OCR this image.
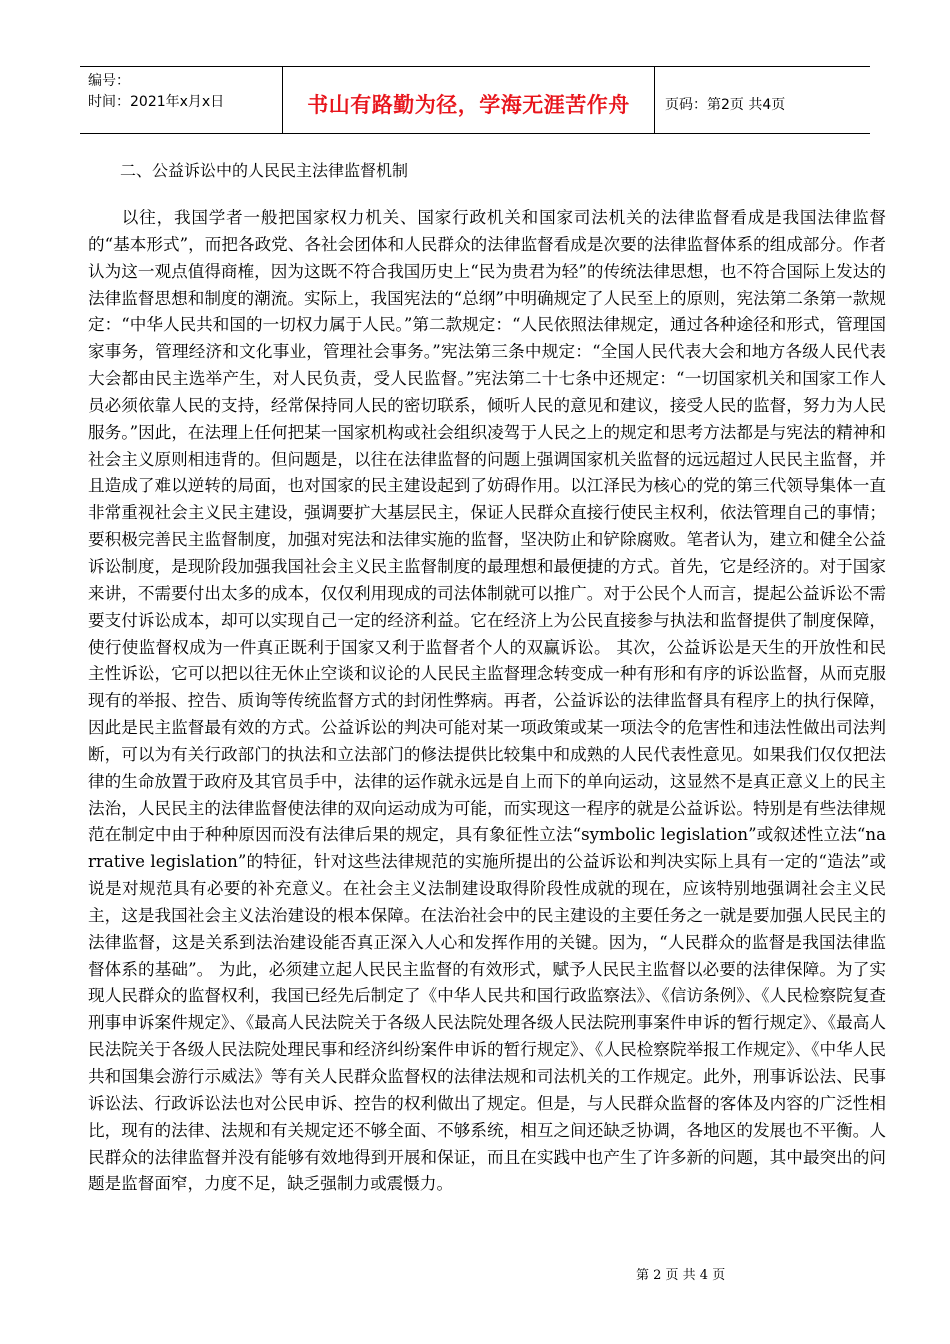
编号：
时间：2021年x月x日	书山有路勤为径，学海无涯苦作舟	页码：第2页 共4页
二、公益诉讼中的人民民主法律监督机制

以往，我国学者一般把国家权力机关、国家行政机关和国家司法机关的法律监督看成是我国法律监督的“基本形式”，而把各政党、各社会团体和人民群众的法律监督看成是次要的法律监督体系的组成部分。作者认为这一观点值得商榷，因为这既不符合我国历史上“民为贵君为轻”的传统法律思想，也不符合国际上发达的法律监督思想和制度的潮流。实际上，我国宪法的“总纲”中明确规定了人民至上的原则，宪法第二条第一款规定：“中华人民共和国的一切权力属于人民。”第二款规定：“人民依照法律规定，通过各种途径和形式，管理国家事务，管理经济和文化事业，管理社会事务。”宪法第三条中规定：“全国人民代表大会和地方各级人民代表大会都由民主选举产生，对人民负责，受人民监督。”宪法第二十七条中还规定：“一切国家机关和国家工作人员必须依靠人民的支持，经常保持同人民的密切联系，倾听人民的意见和建议，接受人民的监督，努力为人民服务。”因此，在法理上任何把某一国家机构或社会组织凌驾于人民之上的规定和思考方法都是与宪法的精神和社会主义原则相违背的。但问题是，以往在法律监督的问题上强调国家机关监督的远远超过人民民主监督，并且造成了难以逆转的局面，也对国家的民主建设起到了妨碍作用。以江泽民为核心的党的第三代领导集体一直非常重视社会主义民主建设，强调要扩大基层民主，保证人民群众直接行使民主权利，依法管理自己的事情；要积极完善民主监督制度，加强对宪法和法律实施的监督，坚决防止和铲除腐败。笔者认为，建立和健全公益诉讼制度，是现阶段加强我国社会主义民主监督制度的最理想和最便捷的方式。首先，它是经济的。对于国家来讲，不需要付出太多的成本，仅仅利用现成的司法体制就可以推广。对于公民个人而言，提起公益诉讼不需要支付诉讼成本，却可以实现自己一定的经济利益。它在经济上为公民直接参与执法和监督提供了制度保障，使行使监督权成为一件真正既利于国家又利于监督者个人的双赢诉讼。 其次，公益诉讼是天生的开放性和民主性诉讼，它可以把以往无休止空谈和议论的人民民主监督理念转变成一种有形和有序的诉讼监督，从而克服现有的举报、控告、质询等传统监督方式的封闭性弊病。再者，公益诉讼的法律监督具有程序上的执行保障，因此是民主监督最有效的方式。公益诉讼的判决可能对某一项政策或某一项法令的危害性和违法性做出司法判断，可以为有关行政部门的执法和立法部门的修法提供比较集中和成熟的人民代表性意见。如果我们仅仅把法律的生命放置于政府及其官员手中，法律的运作就永远是自上而下的单向运动，这显然不是真正意义上的民主法治，人民民主的法律监督使法律的双向运动成为可能，而实现这一程序的就是公益诉讼。特别是有些法律规范在制定中由于种种原因而没有法律后果的规定，具有象征性立法“symbolic legislation”或叙述性立法“narrative legislation”的特征，针对这些法律规范的实施所提出的公益诉讼和判决实际上具有一定的“造法”或说是对规范具有必要的补充意义。在社会主义法制建设取得阶段性成就的现在，应该特别地强调社会主义民主，这是我国社会主义法治建设的根本保障。在法治社会中的民主建设的主要任务之一就是要加强人民民主的法律监督，这是关系到法治建设能否真正深入人心和发挥作用的关键。因为，“人民群众的监督是我国法律监督体系的基础”。 为此，必须建立起人民民主监督的有效形式，赋予人民民主监督以必要的法律保障。为了实现人民群众的监督权利，我国已经先后制定了《中华人民共和国行政监察法》、《信访条例》、《人民检察院复查刑事申诉案件规定》、《最高人民法院关于各级人民法院处理各级人民法院刑事案件申诉的暂行规定》、《最高人民法院关于各级人民法院处理民事和经济纠纷案件申诉的暂行规定》、《人民检察院举报工作规定》、《中华人民共和国集会游行示威法》等有关人民群众监督权的法律法规和司法机关的工作规定。此外，刑事诉讼法、民事诉讼法、行政诉讼法也对公民申诉、控告的权利做出了规定。但是，与人民群众监督的客体及内容的广泛性相比，现有的法律、法规和有关规定还不够全面、不够系统，相互之间还缺乏协调，各地区的发展也不平衡。人民群众的法律监督并没有能够有效地得到开展和保证，而且在实践中也产生了许多新的问题，其中最突出的问题是监督面窄，力度不足，缺乏强制力或震慑力。

第 2 页 共 4 页
